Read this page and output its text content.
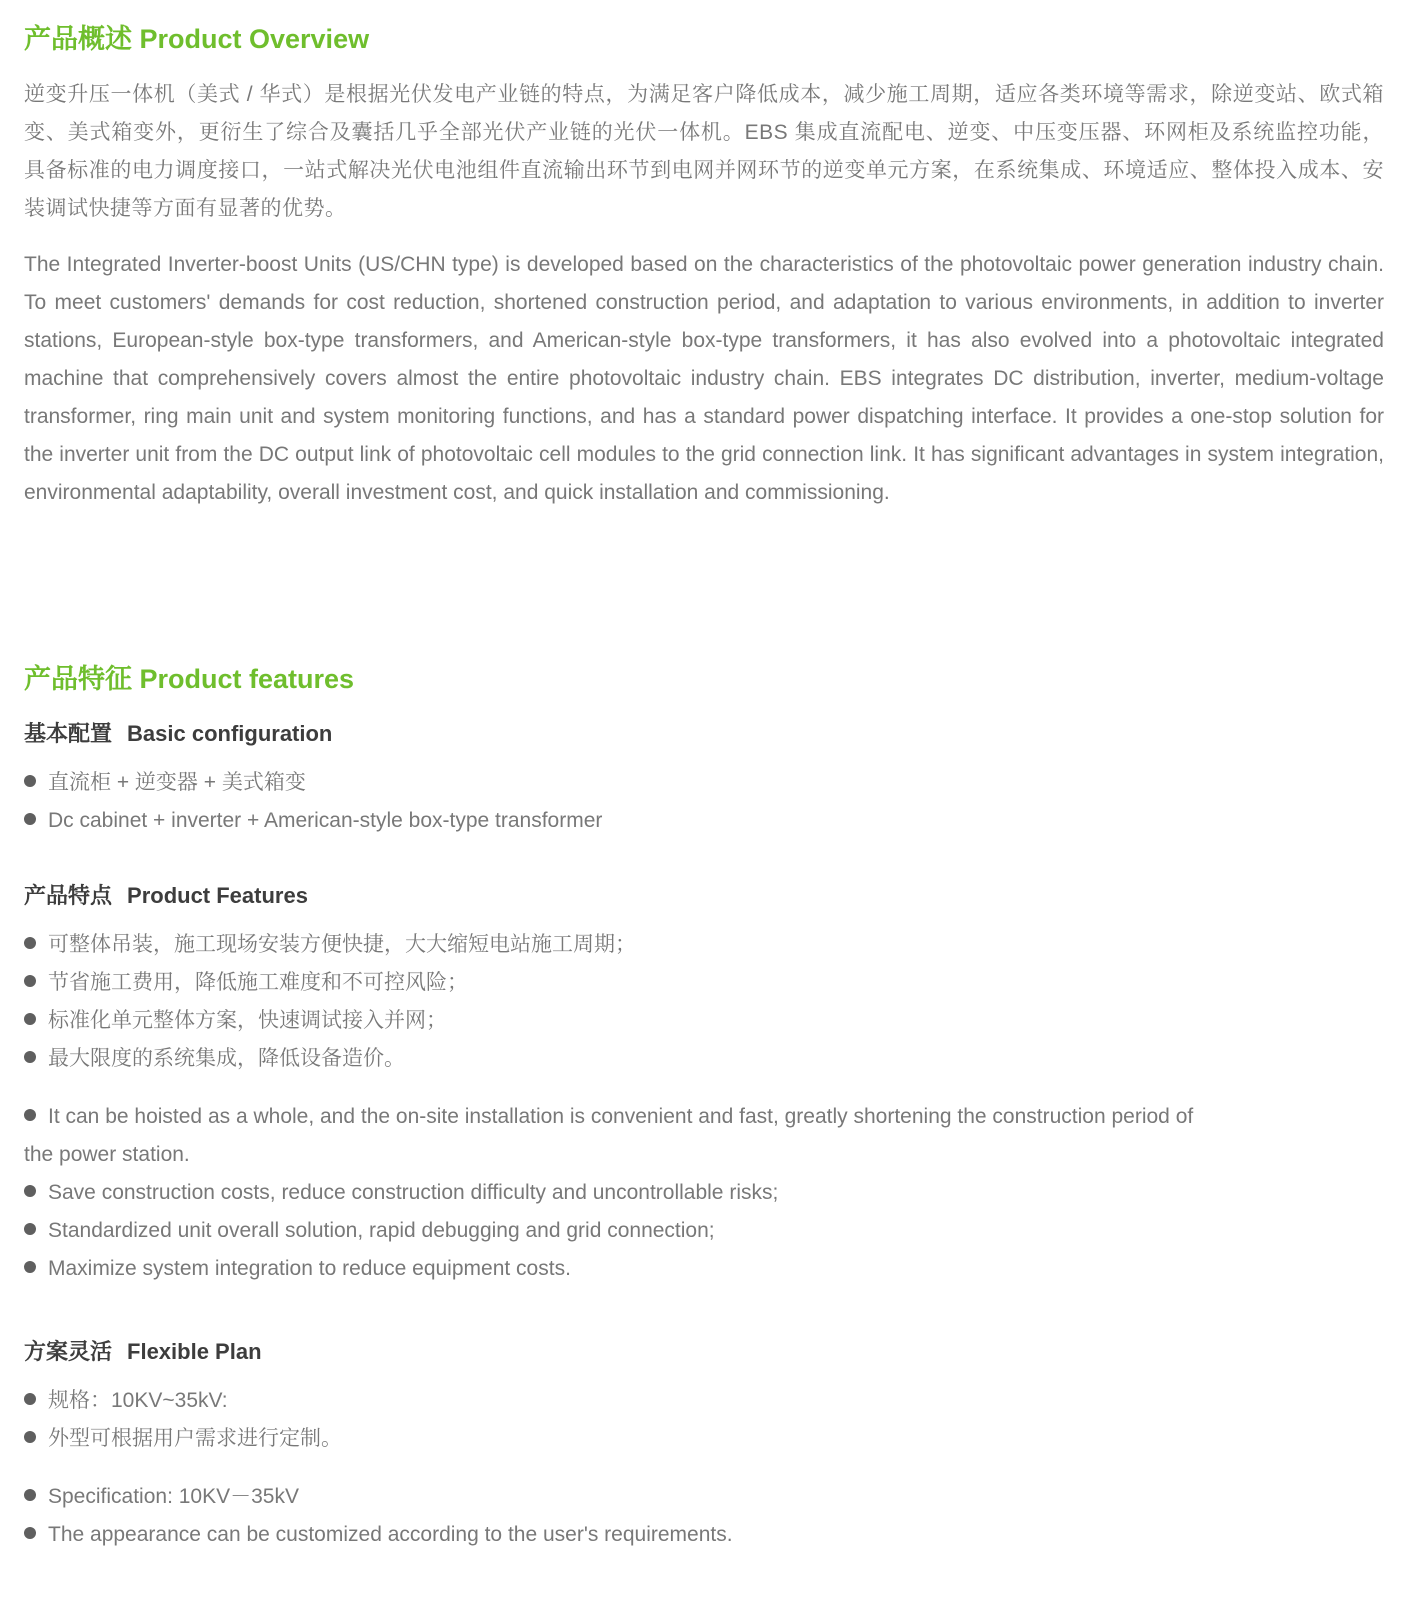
产品概述 Product Overview

逆变升压一体机（美式 / 华式）是根据光伏发电产业链的特点，为满足客户降低成本，减少施工周期，适应各类环境等需求，除逆变站、欧式箱变、美式箱变外，更衍生了综合及囊括几乎全部光伏产业链的光伏一体机。EBS 集成直流配电、逆变、中压变压器、环网柜及系统监控功能，具备标准的电力调度接口，一站式解决光伏电池组件直流输出环节到电网并网环节的逆变单元方案，在系统集成、环境适应、整体投入成本、安装调试快捷等方面有显著的优势。

The Integrated Inverter-boost Units (US/CHN type) is developed based on the characteristics of the photovoltaic power generation industry chain. To meet customers' demands for cost reduction, shortened construction period, and adaptation to various environments, in addition to inverter stations, European-style box-type transformers, and American-style box-type transformers, it has also evolved into a photovoltaic integrated machine that comprehensively covers almost the entire photovoltaic industry chain. EBS integrates DC distribution, inverter, medium-voltage transformer, ring main unit and system monitoring functions, and has a standard power dispatching interface. It provides a one-stop solution for the inverter unit from the DC output link of photovoltaic cell modules to the grid connection link. It has significant advantages in system integration, environmental adaptability, overall investment cost, and quick installation and commissioning.

产品特征 Product features
基本配置 Basic configuration

直流柜 + 逆变器 + 美式箱变

Dc cabinet + inverter + American-style box-type transformer

产品特点 Product Features

可整体吊装，施工现场安装方便快捷，大大缩短电站施工周期；

节省施工费用，降低施工难度和不可控风险；

标准化单元整体方案，快速调试接入并网；

最大限度的系统集成，降低设备造价。

It can be hoisted as a whole, and the on-site installation is convenient and fast, greatly shortening the construction period of the power station.

Save construction costs, reduce construction difficulty and uncontrollable risks;

Standardized unit overall solution, rapid debugging and grid connection;

Maximize system integration to reduce equipment costs.

方案灵活 Flexible Plan

规格：10KV~35kV:

外型可根据用户需求进行定制。

Specification: 10KV－35kV

The appearance can be customized according to the user's requirements.
